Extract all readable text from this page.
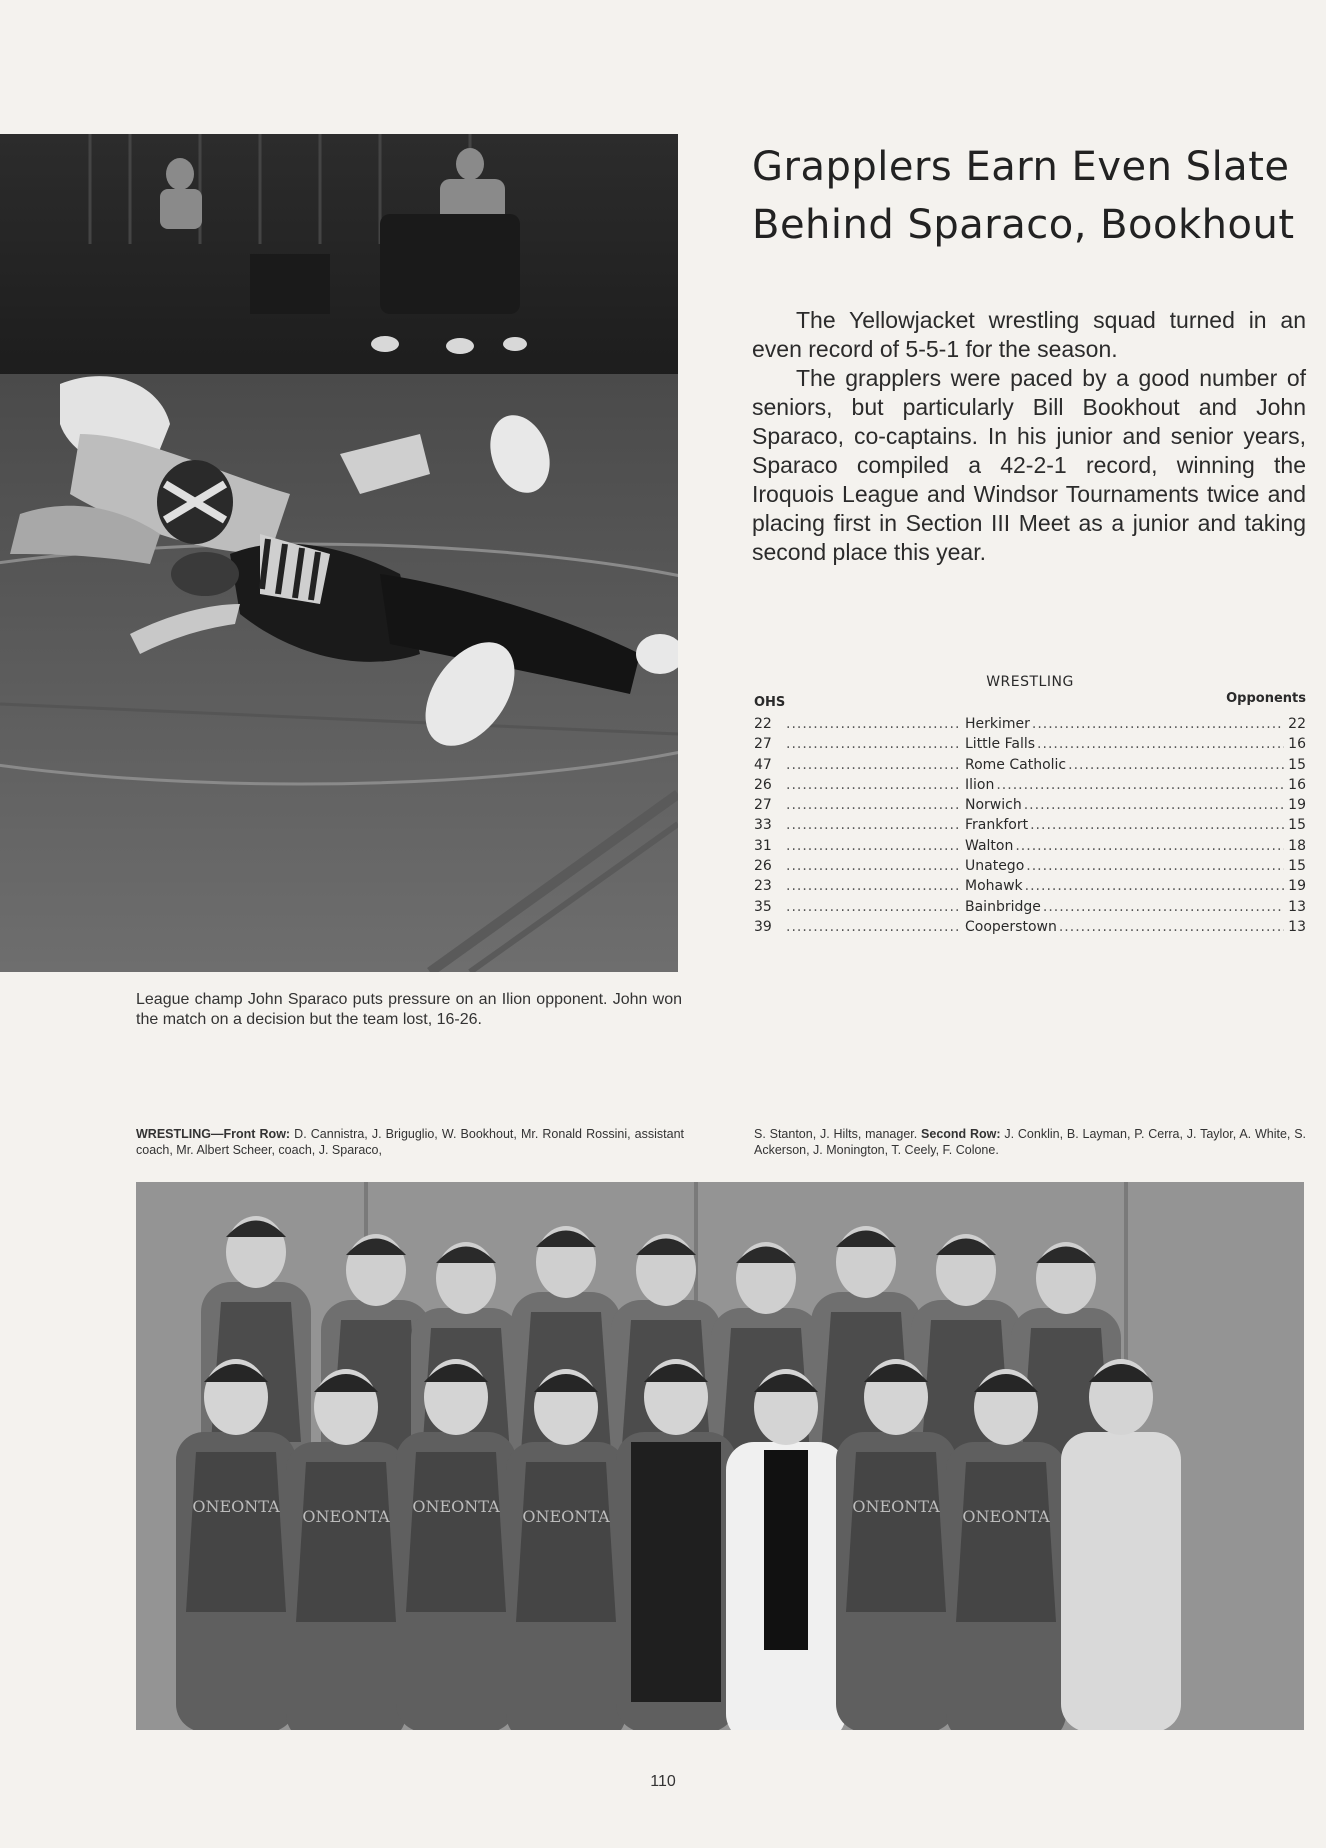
Grapplers Earn Even Slate
Behind Sparaco, Bookhout

The Yellowjacket wrestling squad turned in an even record of 5-5-1 for the season.

The grapplers were paced by a good number of seniors, but particularly Bill Bookhout and John Sparaco, co-captains. In his junior and senior years, Sparaco compiled a 42-2-1 record, winning the Iroquois League and Windsor Tournaments twice and placing first in Section III Meet as a junior and taking second place this year.

WRESTLING
OHS	Opponents
22 .....	Herkimer .....	22
27 .....	Little Falls .....	16
47 .....	Rome Catholic .....	15
26 .....	Ilion .....	16
27 .....	Norwich .....	19
33 .....	Frankfort .....	15
31 .....	Walton .....	18
26 .....	Unatego .....	15
23 .....	Mohawk .....	19
35 .....	Bainbridge .....	13
39 .....	Cooperstown .....	13
League champ John Sparaco puts pressure on an Ilion opponent. John won the match on a decision but the team lost, 16-26.
WRESTLING—Front Row: D. Cannistra, J. Briguglio, W. Bookhout, Mr. Ronald Rossini, assistant coach, Mr. Albert Scheer, coach, J. Sparaco,
S. Stanton, J. Hilts, manager. Second Row: J. Conklin, B. Layman, P. Cerra, J. Taylor, A. White, S. Ackerson, J. Monington, T. Ceely, F. Colone.
ONEONTA
ONEONTA
ONEONTA
ONEONTA
ONEONTA
ONEONTA
110
